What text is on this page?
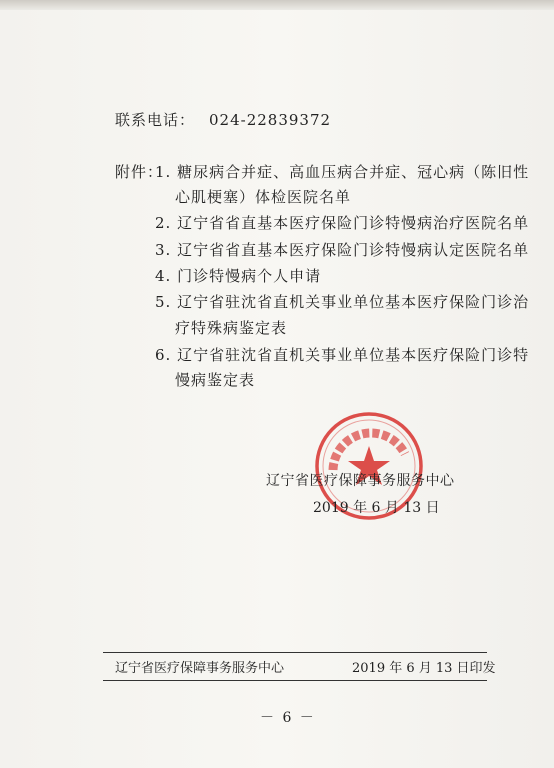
联系电话： 024-22839372
附件：
1. 糖尿病合并症、高血压病合并症、冠心病（陈旧性
心肌梗塞）体检医院名单
2. 辽宁省省直基本医疗保险门诊特慢病治疗医院名单
3. 辽宁省省直基本医疗保险门诊特慢病认定医院名单
4. 门诊特慢病个人申请
5. 辽宁省驻沈省直机关事业单位基本医疗保险门诊治
疗特殊病鉴定表
6. 辽宁省驻沈省直机关事业单位基本医疗保险门诊特
慢病鉴定表
辽宁省医疗保障事务服务中心
2019 年 6 月 13 日
辽宁省医疗保障事务服务中心	2019 年 6 月 13 日印发
－ 6 －
